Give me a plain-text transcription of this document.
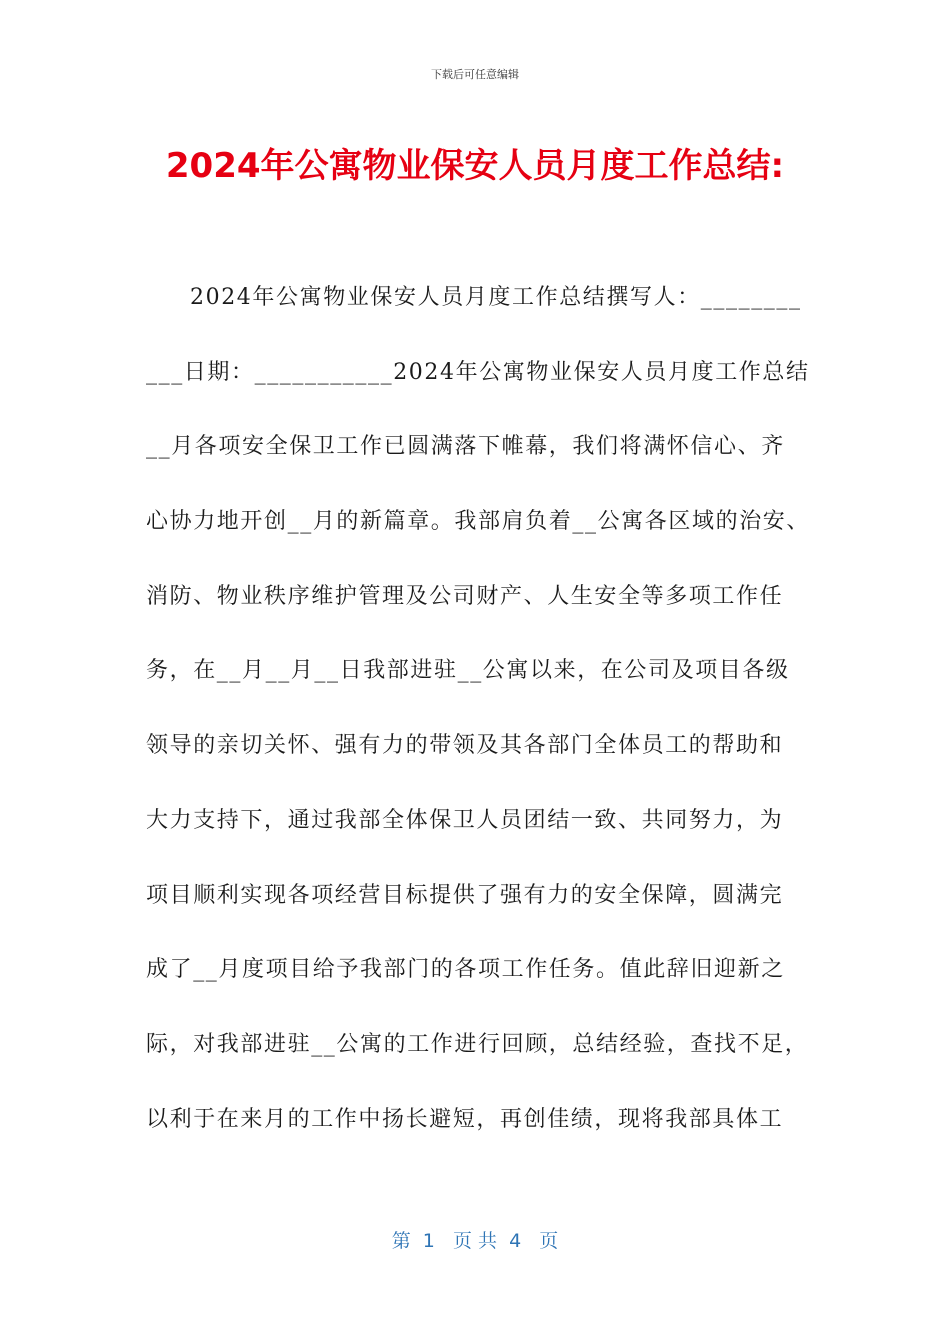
下载后可任意编辑
2024年公寓物业保安人员月度工作总结:
2024年公寓物业保安人员月度工作总结撰写人：________
___日期：___________2024年公寓物业保安人员月度工作总结
__月各项安全保卫工作已圆满落下帷幕，我们将满怀信心、齐
心协力地开创__月的新篇章。我部肩负着__公寓各区域的治安、
消防、物业秩序维护管理及公司财产、人生安全等多项工作任
务，在__月__月__日我部进驻__公寓以来，在公司及项目各级
领导的亲切关怀、强有力的带领及其各部门全体员工的帮助和
大力支持下，通过我部全体保卫人员团结一致、共同努力，为
项目顺利实现各项经营目标提供了强有力的安全保障，圆满完
成了__月度项目给予我部门的各项工作任务。值此辞旧迎新之
际，对我部进驻__公寓的工作进行回顾，总结经验，查找不足，
以利于在来月的工作中扬长避短，再创佳绩，现将我部具体工
第  1   页 共  4   页
